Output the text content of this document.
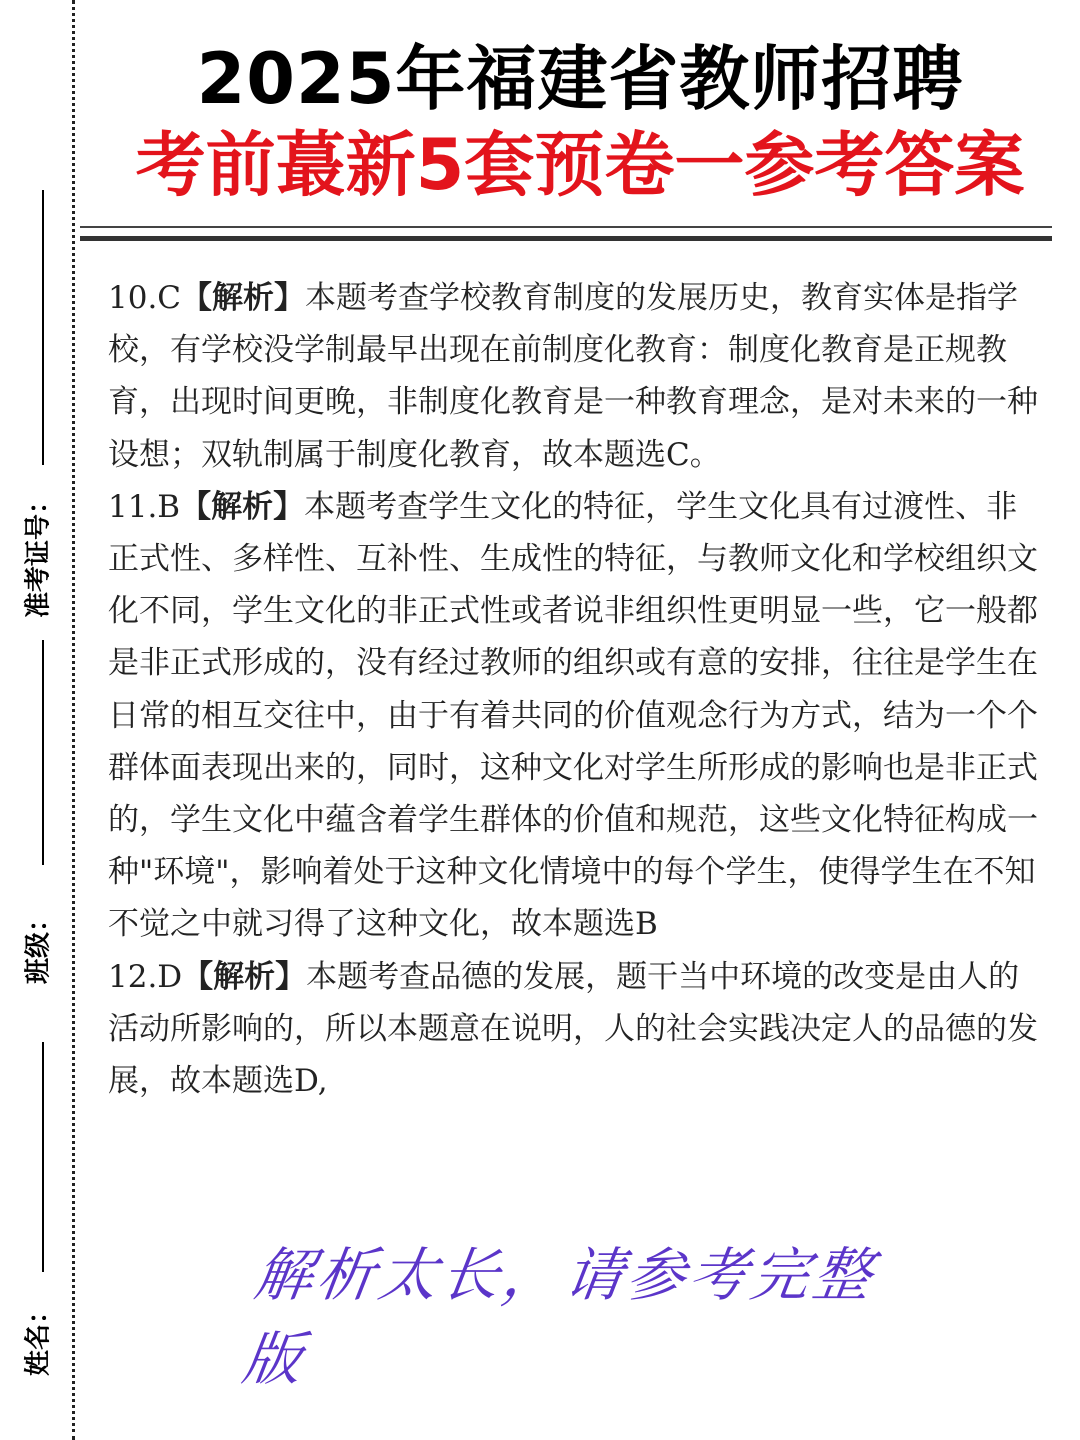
准考证号：
班级：
姓名：
2025年福建省教师招聘
考前蕞新5套预卷一参考答案

10.C【解析】本题考查学校教育制度的发展历史，教育实体是指学校，有学校没学制最早出现在前制度化教育：制度化教育是正规教育，出现时间更晚，非制度化教育是一种教育理念，是对未来的一种设想；双轨制属于制度化教育，故本题选C。

11.B【解析】本题考查学生文化的特征，学生文化具有过渡性、非正式性、多样性、互补性、生成性的特征，与教师文化和学校组织文化不同，学生文化的非正式性或者说非组织性更明显一些，它一般都是非正式形成的，没有经过教师的组织或有意的安排，往往是学生在日常的相互交往中，由于有着共同的价值观念行为方式，结为一个个群体面表现出来的，同时，这种文化对学生所形成的影响也是非正式的，学生文化中蕴含着学生群体的价值和规范，这些文化特征构成一种"环境"，影响着处于这种文化情境中的每个学生，使得学生在不知不觉之中就习得了这种文化，故本题选B

12.D【解析】本题考查品德的发展，题干当中环境的改变是由人的活动所影响的，所以本题意在说明，人的社会实践决定人的品德的发展，故本题选D,

解析太长，请参考完整版
